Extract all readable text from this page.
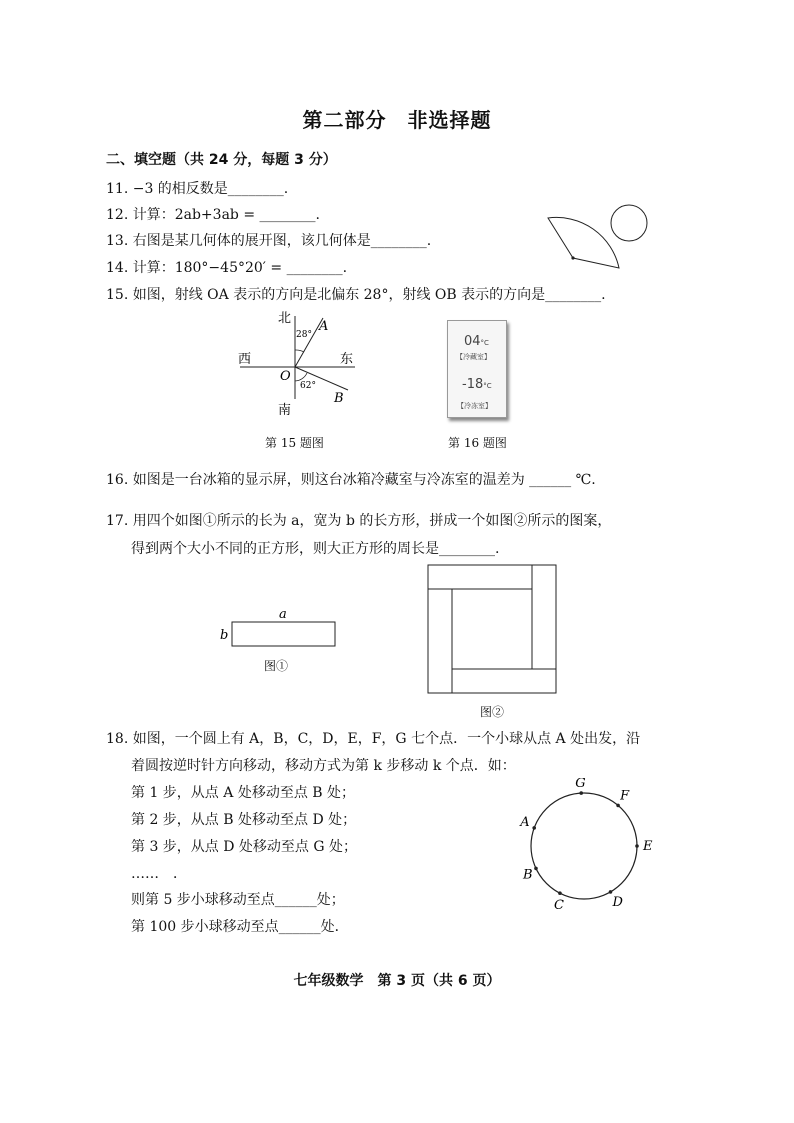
第二部分　非选择题
二、填空题（共 24 分，每题 3 分）
11. −3 的相反数是________.
12. 计算：2ab+3ab = ________.
13. 右图是某几何体的展开图，该几何体是________.
14. 计算：180°−45°20′ = ________.
15. 如图，射线 OA 表示的方向是北偏东 28°，射线 OB 表示的方向是________.
北
南
西	东
O
A
B
28°
62°
第 15 题图
04°C
【冷藏室】
-18°C
【冷冻室】
第 16 题图
16. 如图是一台冰箱的显示屏，则这台冰箱冷藏室与冷冻室的温差为 ______ ℃.
17. 用四个如图①所示的长为 a，宽为 b 的长方形，拼成一个如图②所示的图案，
得到两个大小不同的正方形，则大正方形的周长是________.
a
b
图①
图②
18. 如图，一个圆上有 A，B，C，D，E，F，G 七个点．一个小球从点 A 处出发，沿
着圆按逆时针方向移动，移动方式为第 k 步移动 k 个点．如：
第 1 步，从点 A 处移动至点 B 处；
第 2 步，从点 B 处移动至点 D 处；
第 3 步，从点 D 处移动至点 G 处；
……　．
则第 5 步小球移动至点______处；
第 100 步小球移动至点______处．
A
B
C	D
E
F
G
七年级数学　第 3 页（共 6 页）
